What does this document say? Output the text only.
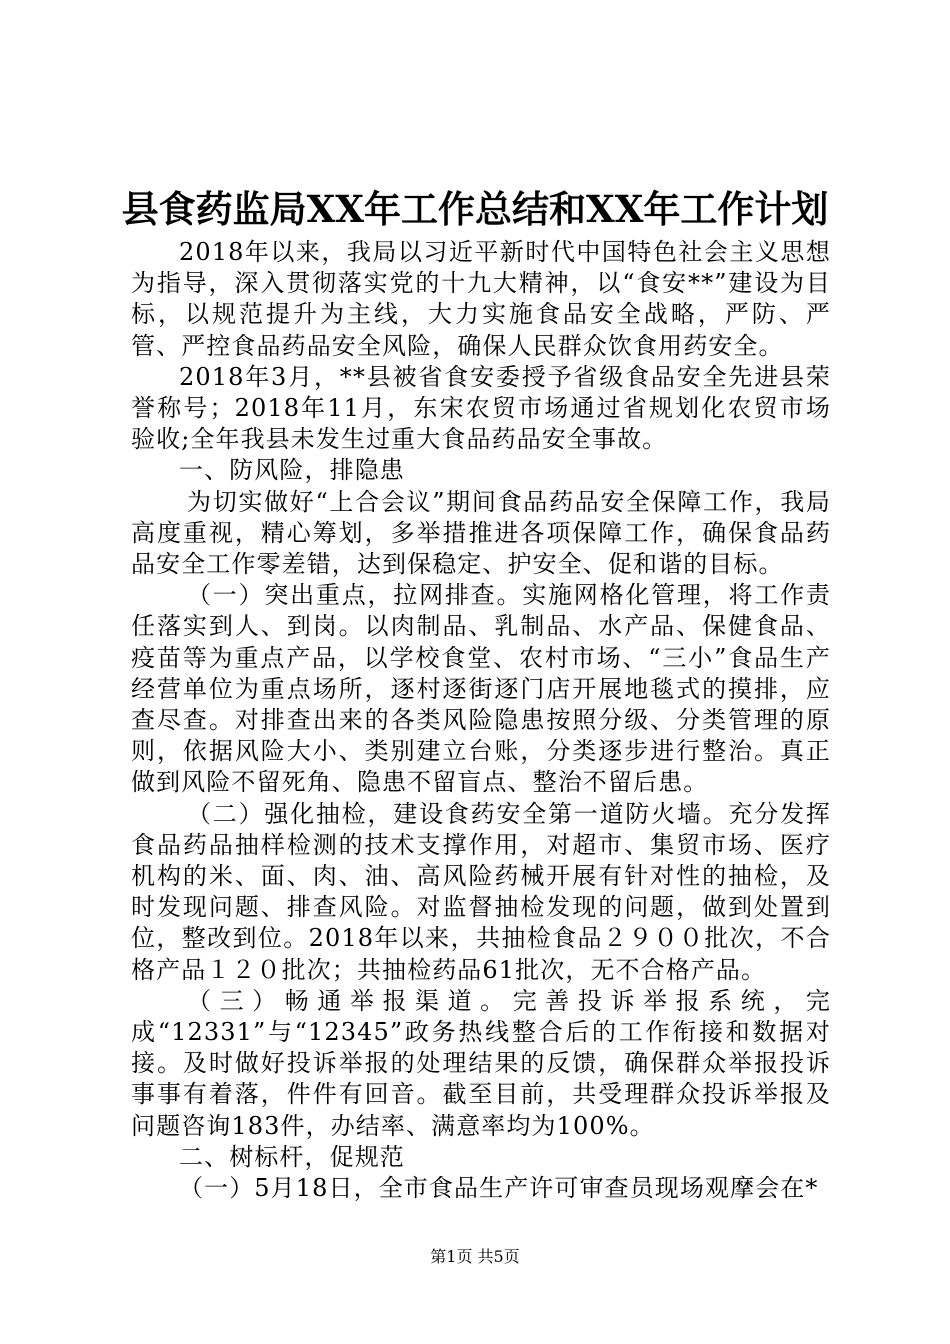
县食药监局XX年工作总结和XX年工作计划

2018年以来，我局以习近平新时代中国特色社会主义思想为指导，深入贯彻落实党的十九大精神，以“食安**”建设为目标，以规范提升为主线，大力实施食品安全战略，严防、严管、严控食品药品安全风险，确保人民群众饮食用药安全。

2018年3月，**县被省食安委授予省级食品安全先进县荣誉称号；2018年11月，东宋农贸市场通过省规划化农贸市场验收;全年我县未发生过重大食品药品安全事故。

一、防风险，排隐患

为切实做好“上合会议”期间食品药品安全保障工作，我局高度重视，精心筹划，多举措推进各项保障工作，确保食品药品安全工作零差错，达到保稳定、护安全、促和谐的目标。

（一）突出重点，拉网排查。实施网格化管理，将工作责任落实到人、到岗。以肉制品、乳制品、水产品、保健食品、疫苗等为重点产品，以学校食堂、农村市场、“三小”食品生产经营单位为重点场所，逐村逐街逐门店开展地毯式的摸排，应查尽查。对排查出来的各类风险隐患按照分级、分类管理的原则，依据风险大小、类别建立台账，分类逐步进行整治。真正做到风险不留死角、隐患不留盲点、整治不留后患。

（二）强化抽检，建设食药安全第一道防火墙。充分发挥食品药品抽样检测的技术支撑作用，对超市、集贸市场、医疗机构的米、面、肉、油、高风险药械开展有针对性的抽检，及时发现问题、排查风险。对监督抽检发现的问题，做到处置到位，整改到位。2018年以来，共抽检食品２９００批次，不合格产品１２０批次；共抽检药品61批次，无不合格产品。

（三）畅通举报渠道。完善投诉举报系统，完成“12331”与“12345”政务热线整合后的工作衔接和数据对接。及时做好投诉举报的处理结果的反馈，确保群众举报投诉事事有着落，件件有回音。截至目前，共受理群众投诉举报及问题咨询183件，办结率、满意率均为100%。

二、树标杆，促规范

（一）5月18日，全市食品生产许可审查员现场观摩会在*

第1页 共5页
